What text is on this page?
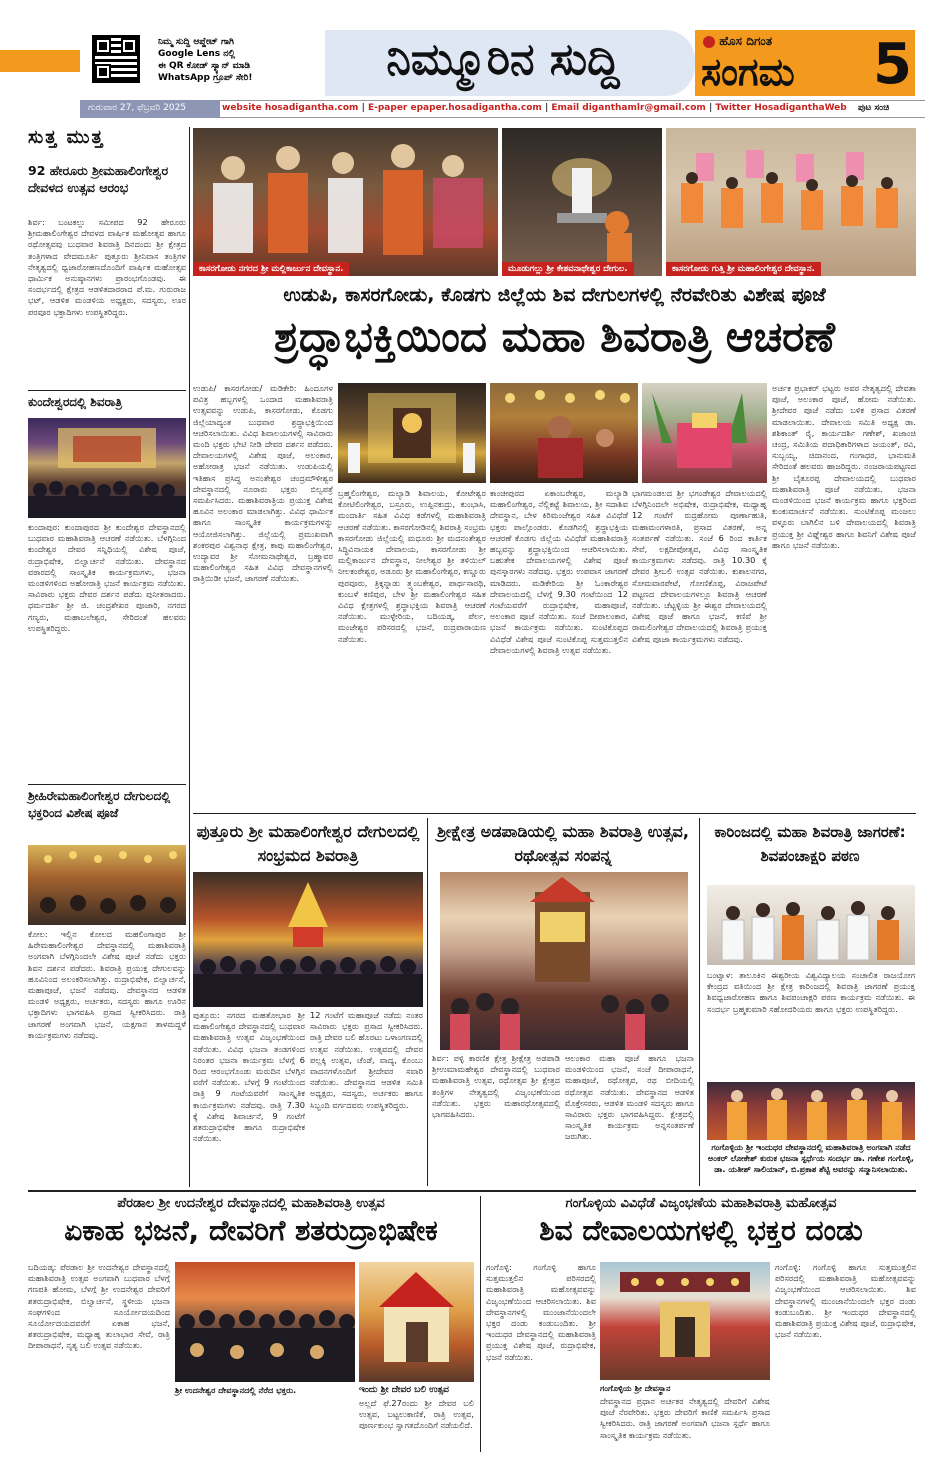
ನಿಮ್ಮ ಸುದ್ದಿ ಆಪ್ಡೇಟ್ ಗಾಗಿ
Google Lens ನಲ್ಲಿ
ಈ QR ಕೋಡ್ ಸ್ಕ್ಯಾನ್ ಮಾಡಿ
WhatsApp ಗ್ರೂಪ್ ಸೇರಿ!	ನಿಮ್ಮೂರಿನ ಸುದ್ದಿ	ಹೊಸ ದಿಗಂತ
ಸಂಗಮ 5
ಗುರುವಾರ 27, ಫೆಬ್ರವರಿ 2025	website hosadigantha.com | E-paper epaper.hosadigantha.com | Email diganthamlr@gmail.com | Twitter HosadiganthaWeb ಪುಟ ಸಂಚಿ
ಸುತ್ತ ಮುತ್ತ
92 ಹೇರೂರು ಶ್ರೀಮಹಾಲಿಂಗೇಶ್ವರ ದೇವಳದ ಉತ್ಸವ ಆರಂಭ
ಶಿರ್ವ: ಬಂಟಕಲ್ಲು ಸಮೀಪದ 92 ಹೇರೂರು ಶ್ರೀಮಹಾಲಿಂಗೇಶ್ವರ ದೇವಳದ ವಾರ್ಷಿಕ ಮಹೋತ್ಸವ ಹಾಗೂ ರಥೋತ್ಸವವು ಬುಧವಾರ ಶಿವರಾತ್ರಿ ದಿನದಂದು ಶ್ರೀ ಕ್ಷೇತ್ರದ ತಂತ್ರಿಗಳಾದ ವೇದಮೂರ್ತಿ ಪುತ್ತೂರು ಶ್ರೀನಿವಾಸ ತಂತ್ರಿಗಳ ನೇತೃತ್ವದಲ್ಲಿ ಧ್ವಜಾರೋಹಣದೊಂದಿಗೆ ವಾರ್ಷಿಕ ಮಹೋತ್ಸವ ಧಾರ್ಮಿಕ ಅನುಷ್ಠಾನಗಳು ಪ್ರಾರಂಭಗೊಂಡವು. ಈ ಸಂದರ್ಭದಲ್ಲಿ ಕ್ಷೇತ್ರದ ಆಡಳಿತದಾರರಾದ ಪೆ.ಮ. ಗುರುರಾಜ ಭಟ್, ಆಡಳಿತ ಮಂಡಳಿಯ ಅಧ್ಯಕ್ಷರು, ಸದಸ್ಯರು, ಊರ ಪರವೂರ ಭಕ್ತಾದಿಗಳು ಉಪಸ್ಥಿತರಿದ್ದರು.
ಕುಂದೇಶ್ವರದಲ್ಲಿ ಶಿವರಾತ್ರಿ
ಕುಂದಾಪುರ: ಕುಂದಾಪುರದ ಶ್ರೀ ಕುಂದೇಶ್ವರ ದೇವಸ್ಥಾನದಲ್ಲಿ ಬುಧವಾರ ಮಹಾಶಿವರಾತ್ರಿ ಆಚರಣೆ ನಡೆಯಿತು. ಬೆಳಗ್ಗಿನಿಂದ ಕುಂದೇಶ್ವರ ದೇವರ ಸನ್ನಿಧಿಯಲ್ಲಿ ವಿಶೇಷ ಪೂಜೆ, ರುದ್ರಾಭಿಷೇಕ, ಬಿಲ್ವಾರ್ಚನೆ ನಡೆಯಿತು. ದೇವಸ್ಥಾನದ ವಠಾರದಲ್ಲಿ ಸಾಂಸ್ಕೃತಿಕ ಕಾರ್ಯಕ್ರಮಗಳು, ಭಜನಾ ಮಂಡಳಿಗಳಿಂದ ಅಹೋರಾತ್ರಿ ಭಜನೆ ಕಾರ್ಯಕ್ರಮ ನಡೆಯಿತು. ಸಾವಿರಾರು ಭಕ್ತರು ದೇವರ ದರ್ಶನ ಪಡೆದು ಪುನೀತರಾದರು. ಧರ್ಮದರ್ಶಿ ಶ್ರೀ ಜಿ. ಚಂದ್ರಶೇಖರ ಪೂಜಾರಿ, ನಗರದ ಗಣ್ಯರು, ಮಹಾಬಲೇಶ್ವರ, ಸೇರಿದಂತೆ ಹಲವರು ಉಪಸ್ಥಿತರಿದ್ದರು.
ಶ್ರೀಹಿರೇಮಹಾಲಿಂಗೇಶ್ವರ ದೇಗುಲದಲ್ಲಿ ಭಕ್ತರಿಂದ ವಿಶೇಷ ಪೂಜೆ
ಕೋಲ: ಇಲ್ಲಿನ ಕೋಲದ ಮಹಲಿಂಗಾಪುರ ಶ್ರೀ ಹಿರೇಮಹಾಲಿಂಗೇಶ್ವರ ದೇವಸ್ಥಾನದಲ್ಲಿ ಮಹಾಶಿವರಾತ್ರಿ ಅಂಗವಾಗಿ ಬೆಳಗ್ಗಿನಿಂದಲೇ ವಿಶೇಷ ಪೂಜೆ ನಡೆದು ಭಕ್ತರು ಶಿವನ ದರ್ಶನ ಪಡೆದರು. ಶಿವರಾತ್ರಿ ಪ್ರಯುಕ್ತ ದೇಗುಲವನ್ನು ಹೂವಿನಿಂದ ಅಲಂಕರಿಸಲಾಗಿತ್ತು. ರುದ್ರಾಭಿಷೇಕ, ಬಿಲ್ವಾರ್ಚನೆ, ಮಹಾಪೂಜೆ, ಭಜನೆ ನಡೆದವು. ದೇವಸ್ಥಾನದ ಆಡಳಿತ ಮಂಡಳಿ ಅಧ್ಯಕ್ಷರು, ಅರ್ಚಕರು, ಸದಸ್ಯರು ಹಾಗೂ ಊರಿನ ಭಕ್ತಾದಿಗಳು ಭಾಗವಹಿಸಿ ಪ್ರಸಾದ ಸ್ವೀಕರಿಸಿದರು. ರಾತ್ರಿ ಜಾಗರಣೆ ಅಂಗವಾಗಿ ಭಜನೆ, ಯಕ್ಷಗಾನ ತಾಳಮದ್ದಳೆ ಕಾರ್ಯಕ್ರಮಗಳು ನಡೆದವು.
ಕಾಸರಗೋಡು ನಗರದ ಶ್ರೀ ಮಲ್ಲಿಕಾರ್ಜುನ ದೇವಸ್ಥಾನ.	ಮೂಡುಗಲ್ಲು ಶ್ರೀ ಕೇಶವನಾಥೇಶ್ವರ ದೇಗುಲ.	ಕಾಸರಗೋಡು ಗುತ್ತಿ ಶ್ರೀ ಮಹಾಲಿಂಗೇಶ್ವರ ದೇವಸ್ಥಾನ.
ಉಡುಪಿ, ಕಾಸರಗೋಡು, ಕೊಡಗು ಜಿಲ್ಲೆಯ ಶಿವ ದೇಗುಲಗಳಲ್ಲಿ ನೆರವೇರಿತು ವಿಶೇಷ ಪೂಜೆ
ಶ್ರದ್ಧಾಭಕ್ತಿಯಿಂದ ಮಹಾ ಶಿವರಾತ್ರಿ ಆಚರಣೆ
ಉಡುಪಿ/ ಕಾಸರಗೋಡು/ ಮಡಿಕೇರಿ: ಹಿಂದೂಗಳ ಪವಿತ್ರ ಹಬ್ಬಗಳಲ್ಲಿ ಒಂದಾದ ಮಹಾಶಿವರಾತ್ರಿ ಉತ್ಸವವನ್ನು ಉಡುಪಿ, ಕಾಸರಗೋಡು, ಕೊಡಗು ಜಿಲ್ಲೆಯಾದ್ಯಂತ ಬುಧವಾರ ಶ್ರದ್ಧಾಭಕ್ತಿಯಿಂದ ಆಚರಿಸಲಾಯಿತು. ವಿವಿಧ ಶಿವಾಲಯಗಳಲ್ಲಿ ಸಾವಿರಾರು ಮಂದಿ ಭಕ್ತರು ಭೇಟಿ ನೀಡಿ ದೇವರ ದರ್ಶನ ಪಡೆದರು. ದೇವಾಲಯಗಳಲ್ಲಿ ವಿಶೇಷ ಪೂಜೆ, ಅಲಂಕಾರ, ಅಹೋರಾತ್ರ ಭಜನೆ ನಡೆಯಿತು. ಉಡುಪಿಯಲ್ಲಿ ಇತಿಹಾಸ ಪ್ರಸಿದ್ಧ ಅನಂತೇಶ್ವರ ಚಂದ್ರಮೌಳೀಶ್ವರ ದೇವಸ್ಥಾನದಲ್ಲಿ ನೂರಾರು ಭಕ್ತರು ಬಿಲ್ವಪತ್ರೆ ಸಮರ್ಪಿಸಿದರು. ಮಹಾಶಿವರಾತ್ರಿಯ ಪ್ರಯುಕ್ತ ವಿಶೇಷ ಹೂವಿನ ಅಲಂಕಾರ ಮಾಡಲಾಗಿತ್ತು. ವಿವಿಧ ಧಾರ್ಮಿಕ ಹಾಗೂ ಸಾಂಸ್ಕೃತಿಕ ಕಾರ್ಯಕ್ರಮಗಳನ್ನು ಆಯೋಜಿಸಲಾಗಿತ್ತು. ಜಿಲ್ಲೆಯಲ್ಲಿ ಪ್ರಮುಖವಾಗಿ ಶಂಕರಪುರ ವಿಶ್ವನಾಥ ಕ್ಷೇತ್ರ, ಕಾಪು ಮಹಾಲಿಂಗೇಶ್ವರ, ಉದ್ಯಾವರ ಶ್ರೀ ಸೋಮನಾಥೇಶ್ವರ, ಬ್ರಹ್ಮಾವರ ಮಹಾಲಿಂಗೇಶ್ವರ ಸಹಿತ ವಿವಿಧ ದೇವಸ್ಥಾನಗಳಲ್ಲಿ ರಾತ್ರಿಯಿಡೀ ಭಜನೆ, ಜಾಗರಣೆ ನಡೆಯಿತು.
ಬ್ರಹ್ಮಲಿಂಗೇಶ್ವರ, ಮಲ್ಯಾಡಿ ಶಿವಾಲಯ, ಕೋಟೇಶ್ವರ ಕೋಟಿಲಿಂಗೇಶ್ವರ, ಬಸ್ರೂರು, ಉಪ್ಪಿನಕುದ್ರು, ಕುಂಭಾಸಿ, ಮಂದಾರ್ತಿ ಸಹಿತ ವಿವಿಧ ಕಡೆಗಳಲ್ಲಿ ಮಹಾಶಿವರಾತ್ರಿ ಆಚರಣೆ ನಡೆಯಿತು. ಕಾಸರಗೋಡಿನಲ್ಲಿ ಶಿವರಾತ್ರಿ ಸಂಭ್ರಮ ಕಾಸರಗೋಡು ಜಿಲ್ಲೆಯಲ್ಲಿ ಮಧೂರು ಶ್ರೀ ಮದನಂತೇಶ್ವರ ಸಿದ್ಧಿವಿನಾಯಕ ದೇವಾಲಯ, ಕಾಸರಗೋಡು ಶ್ರೀ ಮಲ್ಲಿಕಾರ್ಜುನ ದೇವಸ್ಥಾನ, ನೀಲೇಶ್ವರ ಶ್ರೀ ತಳಿಯಿಲ್ ನೀಲಕಂಠೇಶ್ವರ, ಅಡೂರು ಶ್ರೀ ಮಹಾಲಿಂಗೇಶ್ವರ, ಕಣ್ಣೂರು ಪುರವೂರು, ತ್ರಿಕ್ಕನ್ನಾಡು ತ್ರ್ಯಂಬಕೇಶ್ವರ, ಪಾರ್ಥಸಾರಥಿ, ಕುಂಬಳೆ ಕಣಿಪುರ, ಬೇಳ ಶ್ರೀ ಮಹಾಲಿಂಗೇಶ್ವರ ಸಹಿತ ವಿವಿಧ ಕ್ಷೇತ್ರಗಳಲ್ಲಿ ಶ್ರದ್ಧಾಭಕ್ತಿಯ ಶಿವರಾತ್ರಿ ಆಚರಣೆ ನಡೆಯಿತು. ಮುಳ್ಳೇರಿಯ, ಬದಿಯಡ್ಕ, ಪೆರ್ಲ, ಮಂಜೇಶ್ವರ ಪರಿಸರದಲ್ಲಿ ಭಜನೆ, ರುದ್ರಪಾರಾಯಣ ನಡೆಯಿತು.
ಕಾಂಚೀಪುರದ ಏಕಾಂಬರೇಶ್ವರ, ಮಲ್ಯಾಡಿ ಮಹಾಲಿಂಗೇಶ್ವರ, ನೆಲ್ಲಿಕಟ್ಟೆ ಶಿವಾಲಯ, ಶ್ರೀ ಸದಾಶಿವ ದೇವಸ್ಥಾನ, ಬೇಳ ಕಿರಿಮಂಜೇಶ್ವರ ಸಹಿತ ವಿವಿಧೆಡೆ ಭಕ್ತರು ಪಾಲ್ಗೊಂಡರು. ಕೊಡಗಿನಲ್ಲಿ ಶ್ರದ್ಧಾಭಕ್ತಿಯ ಆಚರಣೆ ಕೊಡಗು ಜಿಲ್ಲೆಯ ವಿವಿಧೆಡೆ ಮಹಾಶಿವರಾತ್ರಿ ಹಬ್ಬವನ್ನು ಶ್ರದ್ಧಾಭಕ್ತಿಯಿಂದ ಆಚರಿಸಲಾಯಿತು. ಬಹುತೇಕ ದೇವಾಲಯಗಳಲ್ಲಿ ವಿಶೇಷ ಪೂಜೆ ಪುನಸ್ಕಾರಗಳು ನಡೆದವು. ಭಕ್ತರು ಉಪವಾಸ ಜಾಗರಣೆ ಮಾಡಿದರು. ಮಡಿಕೇರಿಯ ಶ್ರೀ ಓಂಕಾರೇಶ್ವರ ದೇವಾಲಯದಲ್ಲಿ ಬೆಳಗ್ಗೆ 9.30 ಗಂಟೆಯಿಂದ 12 ಗಂಟೆಯವರೆಗೆ ರುದ್ರಾಭಿಷೇಕ, ಮಹಾಪೂಜೆ, ಅಲಂಕಾರ ಪೂಜೆ ನಡೆಯಿತು. ಸಂಜೆ ದೀಪಾಲಂಕಾರ, ಭಜನೆ ಕಾರ್ಯಕ್ರಮ ನಡೆಯಿತು. ಸುಂಟಿಕೊಪ್ಪದ ವಿವಿಧೆಡೆ ವಿಶೇಷ ಪೂಜೆ ಸುಂಟಿಕೊಪ್ಪ ಸುತ್ತಮುತ್ತಲಿನ ದೇವಾಲಯಗಳಲ್ಲಿ ಶಿವರಾತ್ರಿ ಉತ್ಸವ ನಡೆಯಿತು.
ಭಾಗಮಂಡಲದ ಶ್ರೀ ಭಗಂಡೇಶ್ವರ ದೇವಾಲಯದಲ್ಲಿ ಬೆಳಗ್ಗಿನಿಂದಲೇ ಅಭಿಷೇಕ, ರುದ್ರಾಭಿಷೇಕ, ಮಧ್ಯಾಹ್ನ 12 ಗಂಟೆಗೆ ರುದ್ರಹೋಮ ಪೂರ್ಣಾಹುತಿ, ಮಹಾಮಂಗಳಾರತಿ, ಪ್ರಸಾದ ವಿತರಣೆ, ಅನ್ನ ಸಂತರ್ಪಣೆ ನಡೆಯಿತು. ಸಂಜೆ 6 ರಿಂದ ಕಾರ್ತಿಕ ಸೇವೆ, ಲಕ್ಷದೀಪೋತ್ಸವ, ವಿವಿಧ ಸಾಂಸ್ಕೃತಿಕ ಕಾರ್ಯಕ್ರಮಗಳು ನಡೆದವು. ರಾತ್ರಿ 10.30 ಕ್ಕೆ ದೇವರ ಶ್ರೀಬಲಿ ಉತ್ಸವ ನಡೆಯಿತು. ಕುಶಾಲನಗರ, ಸೋಮವಾರಪೇಟೆ, ಗೋಣಿಕೊಪ್ಪ, ವಿರಾಜಪೇಟೆ ಪಟ್ಟಣದ ದೇವಾಲಯಗಳಲ್ಲೂ ಶಿವರಾತ್ರಿ ಆಚರಣೆ ನಡೆಯಿತು. ಚೆಟ್ಟಳ್ಳಿಯ ಶ್ರೀ ಈಶ್ವರ ದೇವಾಲಯದಲ್ಲಿ ವಿಶೇಷ ಪೂಜೆ ಹಾಗೂ ಭಜನೆ, ಕಣಿವೆ ಶ್ರೀ ರಾಮಲಿಂಗೇಶ್ವರ ದೇವಾಲಯದಲ್ಲಿ ಶಿವರಾತ್ರಿ ಪ್ರಯುಕ್ತ ವಿಶೇಷ ಪೂಜಾ ಕಾರ್ಯಕ್ರಮಗಳು ನಡೆದವು.
ಅರ್ಚಕ ಪ್ರಭಾಕರ್ ಭಟ್ಟರು ಅವರ ನೇತೃತ್ವದಲ್ಲಿ ದೇವತಾ ಪೂಜೆ, ಅಲಂಕಾರ ಪೂಜೆ, ಹೋಮ ನಡೆಯಿತು. ಶ್ರೀದೇವರ ಪೂಜೆ ನಡೆದು ಬಳಿಕ ಪ್ರಸಾದ ವಿತರಣೆ ಮಾಡಲಾಯಿತು. ದೇವಾಲಯ ಸಮಿತಿ ಅಧ್ಯಕ್ಷ ಡಾ. ಶಶಿಕಾಂತ್ ರೈ, ಕಾರ್ಯದರ್ಶಿ ಗಣೇಶ್, ಖಜಾಂಚಿ ಚಂದ್ರ, ಸಮಿತಿಯ ಪದಾಧಿಕಾರಿಗಳಾದ ಜಯಂತ್, ರವಿ, ಸುಬ್ಬಯ್ಯ, ಚಿದಾನಂದ, ಗಂಗಾಧರ, ಭಾನುಮತಿ ಸೇರಿದಂತೆ ಹಲವರು ಹಾಜರಿದ್ದರು. ನಂಜರಾಯಪಟ್ಟಣದ ಶ್ರೀ ಬೈತೂರಪ್ಪ ದೇವಾಲಯದಲ್ಲಿ ಬುಧವಾರ ಮಹಾಶಿವರಾತ್ರಿ ಪೂಜೆ ನಡೆಯಿತು. ಭಜನಾ ಮಂಡಳಿಯಿಂದ ಭಜನೆ ಕಾರ್ಯಕ್ರಮ ಹಾಗೂ ಭಕ್ತರಿಂದ ಕುಂಕುಮಾರ್ಚನೆ ನಡೆಯಿತು. ಸುಂಟಿಕೊಪ್ಪ ಮಂಜಲು ವಳ್ಳೂರು ಬಾಗಿಲಿನ ಬಳಿ ದೇವಾಲಯದಲ್ಲಿ ಶಿವರಾತ್ರಿ ಪ್ರಯುಕ್ತ ಶ್ರೀ ವಿಘ್ನೇಶ್ವರ ಹಾಗೂ ಶಿವನಿಗೆ ವಿಶೇಷ ಪೂಜೆ ಹಾಗೂ ಭಜನೆ ನಡೆಯಿತು.
ಪುತ್ತೂರು ಶ್ರೀ ಮಹಾಲಿಂಗೇಶ್ವರ ದೇಗುಲದಲ್ಲಿ ಸಂಭ್ರಮದ ಶಿವರಾತ್ರಿ
ಪುತ್ತೂರು: ನಗರದ ಮಹತೋಭಾರ ಶ್ರೀ ಮಹಾಲಿಂಗೇಶ್ವರ ದೇವಸ್ಥಾನದಲ್ಲಿ ಬುಧವಾರ ಮಹಾಶಿವರಾತ್ರಿ ಉತ್ಸವ ವಿಜೃಂಭಣೆಯಿಂದ ನಡೆಯಿತು. ವಿವಿಧ ಭಜನಾ ತಂಡಗಳಿಂದ ನಿರಂತರ ಭಜನಾ ಕಾರ್ಯಕ್ರಮ ಬೆಳಗ್ಗೆ 6 ರಿಂದ ಆರಂಭಗೊಂಡು ಮರುದಿನ ಬೆಳಗ್ಗಿನ ವರೆಗೆ ನಡೆಯಿತು. ಬೆಳಗ್ಗೆ 9 ಗಂಟೆಯಿಂದ ರಾತ್ರಿ 9 ಗಂಟೆಯವರೆಗೆ ಸಾಂಸ್ಕೃತಿಕ ಕಾರ್ಯಕ್ರಮಗಳು ನಡೆದವು. ರಾತ್ರಿ 7.30 ಕ್ಕೆ ವಿಶೇಷ ಶಿವಾರ್ಚನೆ, 9 ಗಂಟೆಗೆ ಶತರುದ್ರಾಭಿಷೇಕ ಹಾಗೂ ರುದ್ರಾಭಿಷೇಕ ನಡೆಯಿತು.
12 ಗಂಟೆಗೆ ಮಹಾಪೂಜೆ ನಡೆದು ನಂತರ ಸಾವಿರಾರು ಭಕ್ತರು ಪ್ರಸಾದ ಸ್ವೀಕರಿಸಿದರು. ರಾತ್ರಿ ದೇವರ ಬಲಿ ಹೊರಟು ಒಳಾಂಗಣದಲ್ಲಿ ಉತ್ಸವ ನಡೆಯಿತು. ಉತ್ಸವದಲ್ಲಿ ದೇವರ ಪಲ್ಲಕ್ಕಿ ಉತ್ಸವ, ಚೆಂಡೆ, ವಾದ್ಯ, ಕೊಂಬು ವಾದನಗಳೊಂದಿಗೆ ಶ್ರೀದೇವರ ಸವಾರಿ ನಡೆಯಿತು. ದೇವಸ್ಥಾನದ ಆಡಳಿತ ಸಮಿತಿ ಅಧ್ಯಕ್ಷರು, ಸದಸ್ಯರು, ಅರ್ಚಕರು ಹಾಗೂ ಸಿಬ್ಬಂದಿ ವರ್ಗದವರು ಉಪಸ್ಥಿತರಿದ್ದರು.
ಶ್ರೀಕ್ಷೇತ್ರ ಅಡಪಾಡಿಯಲ್ಲಿ ಮಹಾ ಶಿವರಾತ್ರಿ ಉತ್ಸವ, ರಥೋತ್ಸವ ಸಂಪನ್ನ
ಶಿರ್ವ: ಪಳ್ಳಿ ಕಾರಣಿಕ ಕ್ಷೇತ್ರ ಶ್ರೀಕ್ಷೇತ್ರ ಅಡಪಾಡಿ ಶ್ರೀಉಮಾಮಹೇಶ್ವರ ದೇವಸ್ಥಾನದಲ್ಲಿ ಬುಧವಾರ ಮಹಾಶಿವರಾತ್ರಿ ಉತ್ಸವ, ರಥೋತ್ಸವ ಶ್ರೀ ಕ್ಷೇತ್ರದ ತಂತ್ರಿಗಳ ನೇತೃತ್ವದಲ್ಲಿ ವಿಜೃಂಭಣೆಯಿಂದ ನಡೆಯಿತು. ಭಕ್ತರು ಮಹಾರಥೋತ್ಸವದಲ್ಲಿ ಭಾಗವಹಿಸಿದರು.
ಆಲಂಕಾರ ಮಹಾ ಪೂಜೆ ಹಾಗೂ ಭಜನಾ ಮಂಡಳಿಯಿಂದ ಭಜನೆ, ಸಂಜೆ ದೀಪಾರಾಧನೆ, ಮಹಾಪೂಜೆ, ರಥೋತ್ಸವ, ರಥ ಬೀದಿಯಲ್ಲಿ ರಥೋತ್ಸವ ನಡೆಯಿತು. ದೇವಸ್ಥಾನದ ಆಡಳಿತ ಮೊಕ್ತೇಸರರು, ಆಡಳಿತ ಮಂಡಳಿ ಸದಸ್ಯರು ಹಾಗೂ ಸಾವಿರಾರು ಭಕ್ತರು ಭಾಗವಹಿಸಿದ್ದರು. ಕ್ಷೇತ್ರದಲ್ಲಿ ಸಾಂಸ್ಕೃತಿಕ ಕಾರ್ಯಕ್ರಮ ಅನ್ನಸಂತರ್ಪಣೆ ಜರುಗಿತು.
ಕಾರಿಂಜದಲ್ಲಿ ಮಹಾ ಶಿವರಾತ್ರಿ ಜಾಗರಣೆ: ಶಿವಪಂಚಾಕ್ಷರಿ ಪಠಣ
ಬಂಟ್ವಾಳ: ತಾಲೂಕಿನ ಈಶ್ವರೀಯ ವಿಶ್ವವಿದ್ಯಾಲಯ ಸಂಚಾಲಿತ ರಾಜಯೋಗ ಕೇಂದ್ರದ ವತಿಯಿಂದ ಶ್ರೀ ಕ್ಷೇತ್ರ ಕಾರಿಂಜದಲ್ಲಿ ಶಿವರಾತ್ರಿ ಜಾಗರಣೆ ಪ್ರಯುಕ್ತ ಶಿವಧ್ವಜಾರೋಹಣ ಹಾಗೂ ಶಿವಪಂಚಾಕ್ಷರಿ ಪಠಣ ಕಾರ್ಯಕ್ರಮ ನಡೆಯಿತು. ಈ ಸಂದರ್ಭ ಬ್ರಹ್ಮಕುಮಾರಿ ಸಹೋದರಿಯರು ಹಾಗೂ ಭಕ್ತರು ಉಪಸ್ಥಿತರಿದ್ದರು.
ಗಂಗೊಳ್ಳಿಯ ಶ್ರೀ ಇಂದುಧರ ದೇವಸ್ಥಾನದಲ್ಲಿ ಮಹಾಶಿವರಾತ್ರಿ ಅಂಗವಾಗಿ ನಡೆದ ಅಂಕರ್ ಲೋಕೇಶ್ ಕುರುಕ ಭಜನಾ ಸ್ಪರ್ಧೆಯ ಸಂದರ್ಭ ಡಾ. ಗಣೇಶ ಗಂಗೊಳ್ಳಿ, ಡಾ. ಯತೀಶ್ ಸಾಲಿಯಾನ್, ಬಿ.ಪ್ರಕಾಶ ಶೆಟ್ಟಿ ಅವರನ್ನು ಸನ್ಮಾನಿಸಲಾಯಿತು.
ಪೆರಡಾಲ ಶ್ರೀ ಉದನೇಶ್ವರ ದೇವಸ್ಥಾನದಲ್ಲಿ ಮಹಾಶಿವರಾತ್ರಿ ಉತ್ಸವ
ಏಕಾಹ ಭಜನೆ, ದೇವರಿಗೆ ಶತರುದ್ರಾಭಿಷೇಕ
ಬದಿಯಡ್ಕ: ಪೆರಡಾಲ ಶ್ರೀ ಉದನೇಶ್ವರ ದೇವಸ್ಥಾನದಲ್ಲಿ ಮಹಾಶಿವರಾತ್ರಿ ಉತ್ಸವ ಅಂಗವಾಗಿ ಬುಧವಾರ ಬೆಳಗ್ಗೆ ಗಣಪತಿ ಹೋಮ, ಬೆಳಗ್ಗೆ ಶ್ರೀ ಉದನೇಶ್ವರ ದೇವರಿಗೆ ಶತರುದ್ರಾಭಿಷೇಕ, ಬಿಲ್ವಾರ್ಚನೆ, ಸ್ಥಳೀಯ ಭಜನಾ ಸಂಘಗಳಿಂದ ಸೂರ್ಯೋದಯದಿಂದ ಸೂರ್ಯೋದಯದವರೆಗೆ ಏಕಾಹ ಭಜನೆ, ಶತರುದ್ರಾಭಿಷೇಕ, ಮಧ್ಯಾಹ್ನ ತುಲಾಭಾರ ಸೇವೆ, ರಾತ್ರಿ ದೀಪಾರಾಧನೆ, ನೃತ್ಯ ಬಲಿ ಉತ್ಸವ ನಡೆಯಿತು.
ಶ್ರೀ ಉದನೇಶ್ವರ ದೇವಸ್ಥಾನದಲ್ಲಿ ನೆರೆದ ಭಕ್ತರು.	ಇಂದು ಶ್ರೀ ದೇವರ ಬಲಿ ಉತ್ಸವ
ಅಲ್ಲದೆ ಫೆ.27ರಂದು ಶ್ರೀ ದೇವರ ಬಲಿ ಉತ್ಸವ, ಬಟ್ಟಲುಕಾಣಿಕೆ, ರಾತ್ರಿ ಉತ್ಸವ, ಪೂರ್ಣಕುಂಭ ಸ್ವಾಗತದೊಂದಿಗೆ ನಡೆಯಲಿದೆ.
ಗಂಗೊಳ್ಳಿಯ ವಿವಿಧೆಡೆ ವಿಜೃಂಭಣೆಯ ಮಹಾಶಿವರಾತ್ರಿ ಮಹೋತ್ಸವ
ಶಿವ ದೇವಾಲಯಗಳಲ್ಲಿ ಭಕ್ತರ ದಂಡು
ಗಂಗೊಳ್ಳಿ: ಗಂಗೊಳ್ಳಿ ಹಾಗೂ ಸುತ್ತಮುತ್ತಲಿನ ಪರಿಸರದಲ್ಲಿ ಮಹಾಶಿವರಾತ್ರಿ ಮಹೋತ್ಸವವನ್ನು ವಿಜೃಂಭಣೆಯಿಂದ ಆಚರಿಸಲಾಯಿತು. ಶಿವ ದೇವಸ್ಥಾನಗಳಲ್ಲಿ ಮುಂಜಾನೆಯಿಂದಲೇ ಭಕ್ತರ ದಂಡು ಕಂಡುಬಂದಿತು. ಶ್ರೀ ಇಂದುಧರ ದೇವಸ್ಥಾನದಲ್ಲಿ ಮಹಾಶಿವರಾತ್ರಿ ಪ್ರಯುಕ್ತ ವಿಶೇಷ ಪೂಜೆ, ರುದ್ರಾಭಿಷೇಕ, ಭಜನೆ ನಡೆಯಿತು.
ಗಂಗೊಳ್ಳಿಯ ಶ್ರೀ ದೇವಸ್ಥಾನ
ದೇವಸ್ಥಾನದ ಪ್ರಧಾನ ಅರ್ಚಕರ ನೇತೃತ್ವದಲ್ಲಿ ದೇವರಿಗೆ ವಿಶೇಷ ಪೂಜೆ ನೆರವೇರಿತು. ಭಕ್ತರು ದೇವರಿಗೆ ಕಾಣಿಕೆ ಸಮರ್ಪಿಸಿ ಪ್ರಸಾದ ಸ್ವೀಕರಿಸಿದರು. ರಾತ್ರಿ ಜಾಗರಣೆ ಅಂಗವಾಗಿ ಭಜನಾ ಸ್ಪರ್ಧೆ ಹಾಗೂ ಸಾಂಸ್ಕೃತಿಕ ಕಾರ್ಯಕ್ರಮ ನಡೆಯಿತು.
ಗಂಗೊಳ್ಳಿ: ಗಂಗೊಳ್ಳಿ ಹಾಗೂ ಸುತ್ತಮುತ್ತಲಿನ ಪರಿಸರದಲ್ಲಿ ಮಹಾಶಿವರಾತ್ರಿ ಮಹೋತ್ಸವವನ್ನು ವಿಜೃಂಭಣೆಯಿಂದ ಆಚರಿಸಲಾಯಿತು. ಶಿವ ದೇವಸ್ಥಾನಗಳಲ್ಲಿ ಮುಂಜಾನೆಯಿಂದಲೇ ಭಕ್ತರ ದಂಡು ಕಂಡುಬಂದಿತು. ಶ್ರೀ ಇಂದುಧರ ದೇವಸ್ಥಾನದಲ್ಲಿ ಮಹಾಶಿವರಾತ್ರಿ ಪ್ರಯುಕ್ತ ವಿಶೇಷ ಪೂಜೆ, ರುದ್ರಾಭಿಷೇಕ, ಭಜನೆ ನಡೆಯಿತು.
